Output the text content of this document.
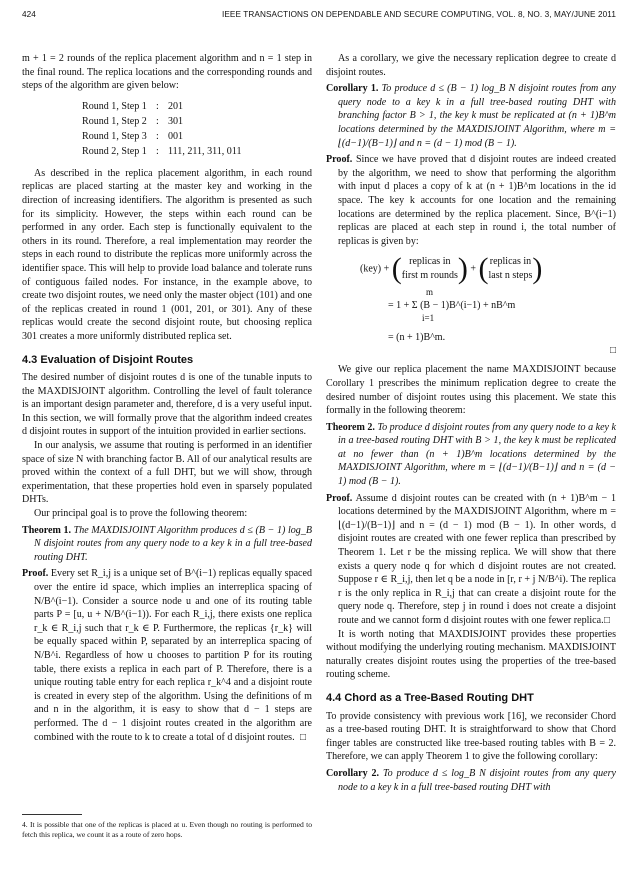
424	IEEE TRANSACTIONS ON DEPENDABLE AND SECURE COMPUTING, VOL. 8, NO. 3, MAY/JUNE 2011

m + 1 = 2 rounds of the replica placement algorithm and n = 1 step in the final round. The replica locations and the corresponding rounds and steps of the algorithm are given below:

Round 1, Step 1 : 201
Round 1, Step 2 : 301
Round 1, Step 3 : 001
Round 2, Step 1 : 111, 211, 311, 011

As described in the replica placement algorithm, in each round replicas are placed starting at the master key and working in the direction of increasing identifiers. The algorithm is presented as such for its simplicity. However, the steps within each round can be performed in any order. Each step is functionally equivalent to the others in its round. Therefore, a real implementation may reorder the steps in each round to distribute the replicas more uniformly across the identifier space. This will help to provide load balance and tolerate runs of contiguous failed nodes. For instance, in the example above, to create two disjoint routes, we need only the master object (101) and one of the replicas created in round 1 (001, 201, or 301). Any of these replicas would create the second disjoint route, but choosing replica 301 creates a more uniformly distributed replica set.

4.3 Evaluation of Disjoint Routes

The desired number of disjoint routes d is one of the tunable inputs to the MAXDISJOINT algorithm. Controlling the level of fault tolerance is an important design parameter and, therefore, d is a very useful input. In this section, we will formally prove that the algorithm indeed creates d disjoint routes in support of the intuition provided in earlier sections.

In our analysis, we assume that routing is performed in an identifier space of size N with branching factor B. All of our analytical results are proved within the context of a full DHT, but we will show, through experimentation, that these properties hold even in sparsely populated DHTs.

Our principal goal is to prove the following theorem:

Theorem 1. The MAXDISJOINT Algorithm produces d ≤ (B − 1) log_B N disjoint routes from any query node to a key k in a full tree-based routing DHT.

Proof. Every set R_i,j is a unique set of B^(i−1) replicas equally spaced over the entire id space, which implies an interreplica spacing of N/B^(i−1). Consider a source node u and one of its routing table parts P = [u, u + N/B^(i−1)). For each R_i,j, there exists one replica r_k ∈ R_i,j such that r_k ∈ P. Furthermore, the replicas {r_k} will be equally spaced within P, separated by an interreplica spacing of N/B^i. Regardless of how u chooses to partition P for its routing table, there exists a replica in each part of P. Therefore, there is a unique routing table entry for each replica r_k^4 and a disjoint route is created in every step of the algorithm. Using the definitions of m and n in the algorithm, it is easy to show that d − 1 steps are performed. The d − 1 disjoint routes created in the algorithm are combined with the route to k to create a total of d disjoint routes. □

4. It is possible that one of the replicas is placed at u. Even though no routing is performed to fetch this replica, we count it as a route of zero hops.

As a corollary, we give the necessary replication degree to create d disjoint routes.

Corollary 1. To produce d ≤ (B − 1) log_B N disjoint routes from any query node to a key k in a full tree-based routing DHT with branching factor B > 1, the key k must be replicated at (n + 1)B^m locations determined by the MAXDISJOINT Algorithm, where m = ⌊(d−1)/(B−1)⌋ and n = (d − 1) mod (B − 1).

Proof. Since we have proved that d disjoint routes are indeed created by the algorithm, we need to show that performing the algorithm with input d places a copy of k at (n + 1)B^m locations in the id space. The key k accounts for one location and the remaining locations are determined by the replica placement. Since, B^(i−1) replicas are placed at each step in round i, the total number of replicas is given by:

(key) + ( replicas in
first m rounds) + (replicas in
last n steps)
m
= 1 + Σ (B − 1)B^(i−1) + nB^m
i=1
= (n + 1)B^m.
□

We give our replica placement the name MAXDISJOINT because Corollary 1 prescribes the minimum replication degree to create the desired number of disjoint routes using this placement. We state this formally in the following theorem:

Theorem 2. To produce d disjoint routes from any query node to a key k in a tree-based routing DHT with B > 1, the key k must be replicated at no fewer than (n + 1)B^m locations determined by the MAXDISJOINT Algorithm, where m = ⌊(d−1)/(B−1)⌋ and n = (d − 1) mod (B − 1).

Proof. Assume d disjoint routes can be created with (n + 1)B^m − 1 locations determined by the MAXDISJOINT Algorithm, where m = ⌊(d−1)/(B−1)⌋ and n = (d − 1) mod (B − 1). In other words, d disjoint routes are created with one fewer replica than prescribed by Theorem 1. Let r be the missing replica. We will show that there exists a query node q for which d disjoint routes are not created. Suppose r ∈ R_i,j, then let q be a node in [r, r + j N/B^i). The replica r is the only replica in R_i,j that can create a disjoint route for the query node q. Therefore, step j in round i does not create a disjoint route and we cannot form d disjoint routes with one fewer replica. □

It is worth noting that MAXDISJOINT provides these properties without modifying the underlying routing mechanism. MAXDISJOINT naturally creates disjoint routes using the properties of the tree-based routing scheme.

4.4 Chord as a Tree-Based Routing DHT

To provide consistency with previous work [16], we reconsider Chord as a tree-based routing DHT. It is straightforward to show that Chord finger tables are constructed like tree-based routing tables with B = 2. Therefore, we can apply Theorem 1 to give the following corollary:

Corollary 2. To produce d ≤ log_B N disjoint routes from any query node to a key k in a full tree-based routing DHT with
